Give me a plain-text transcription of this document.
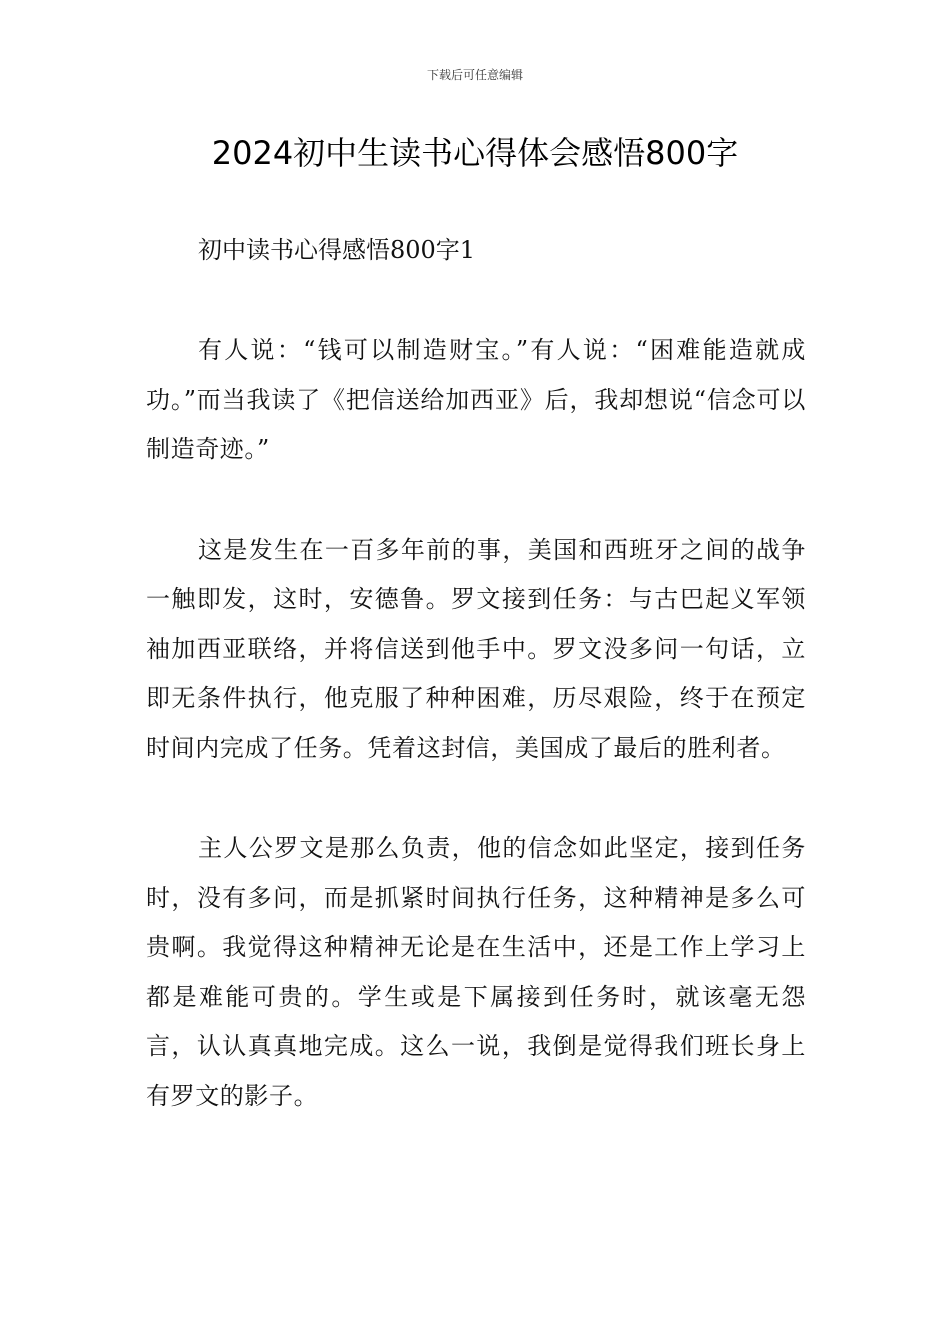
下载后可任意编辑
2024初中生读书心得体会感悟800字

初中读书心得感悟800字1

有人说：“钱可以制造财宝。”有人说：“困难能造就成功。”而当我读了《把信送给加西亚》后，我却想说“信念可以制造奇迹。”

这是发生在一百多年前的事，美国和西班牙之间的战争一触即发，这时，安德鲁。罗文接到任务：与古巴起义军领袖加西亚联络，并将信送到他手中。罗文没多问一句话，立即无条件执行，他克服了种种困难，历尽艰险，终于在预定时间内完成了任务。凭着这封信，美国成了最后的胜利者。

主人公罗文是那么负责，他的信念如此坚定，接到任务时，没有多问，而是抓紧时间执行任务，这种精神是多么可贵啊。我觉得这种精神无论是在生活中，还是工作上学习上都是难能可贵的。学生或是下属接到任务时，就该毫无怨言，认认真真地完成。这么一说，我倒是觉得我们班长身上有罗文的影子。
